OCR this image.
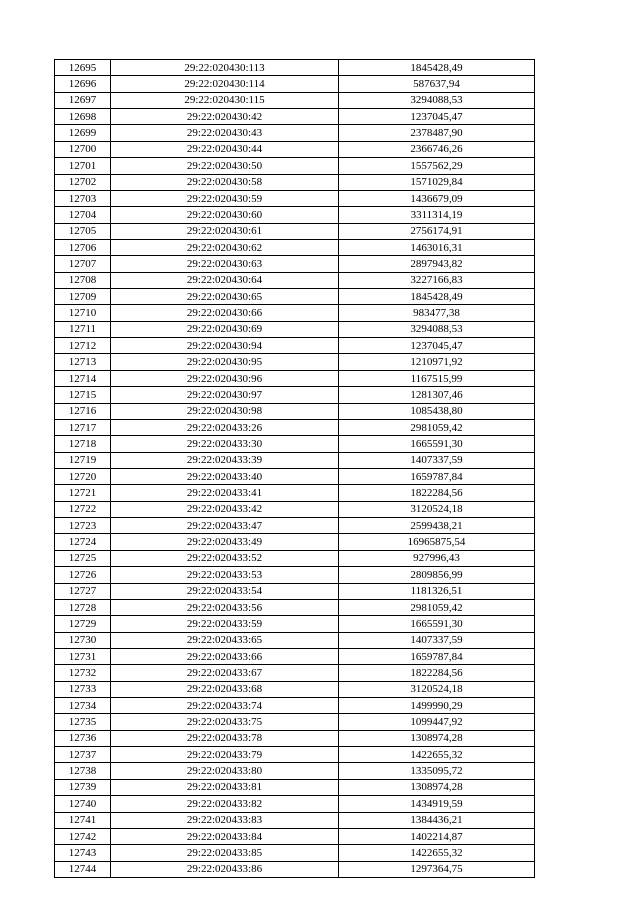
12695	29:22:020430:113	1845428,49
12696	29:22:020430:114	587637,94
12697	29:22:020430:115	3294088,53
12698	29:22:020430:42	1237045,47
12699	29:22:020430:43	2378487,90
12700	29:22:020430:44	2366746,26
12701	29:22:020430:50	1557562,29
12702	29:22:020430:58	1571029,84
12703	29:22:020430:59	1436679,09
12704	29:22:020430:60	3311314,19
12705	29:22:020430:61	2756174,91
12706	29:22:020430:62	1463016,31
12707	29:22:020430:63	2897943,82
12708	29:22:020430:64	3227166,83
12709	29:22:020430:65	1845428,49
12710	29:22:020430:66	983477,38
12711	29:22:020430:69	3294088,53
12712	29:22:020430:94	1237045,47
12713	29:22:020430:95	1210971,92
12714	29:22:020430:96	1167515,99
12715	29:22:020430:97	1281307,46
12716	29:22:020430:98	1085438,80
12717	29:22:020433:26	2981059,42
12718	29:22:020433:30	1665591,30
12719	29:22:020433:39	1407337,59
12720	29:22:020433:40	1659787,84
12721	29:22:020433:41	1822284,56
12722	29:22:020433:42	3120524,18
12723	29:22:020433:47	2599438,21
12724	29:22:020433:49	16965875,54
12725	29:22:020433:52	927996,43
12726	29:22:020433:53	2809856,99
12727	29:22:020433:54	1181326,51
12728	29:22:020433:56	2981059,42
12729	29:22:020433:59	1665591,30
12730	29:22:020433:65	1407337,59
12731	29:22:020433:66	1659787,84
12732	29:22:020433:67	1822284,56
12733	29:22:020433:68	3120524,18
12734	29:22:020433:74	1499990,29
12735	29:22:020433:75	1099447,92
12736	29:22:020433:78	1308974,28
12737	29:22:020433:79	1422655,32
12738	29:22:020433:80	1335095,72
12739	29:22:020433:81	1308974,28
12740	29:22:020433:82	1434919,59
12741	29:22:020433:83	1384436,21
12742	29:22:020433:84	1402214,87
12743	29:22:020433:85	1422655,32
12744	29:22:020433:86	1297364,75
